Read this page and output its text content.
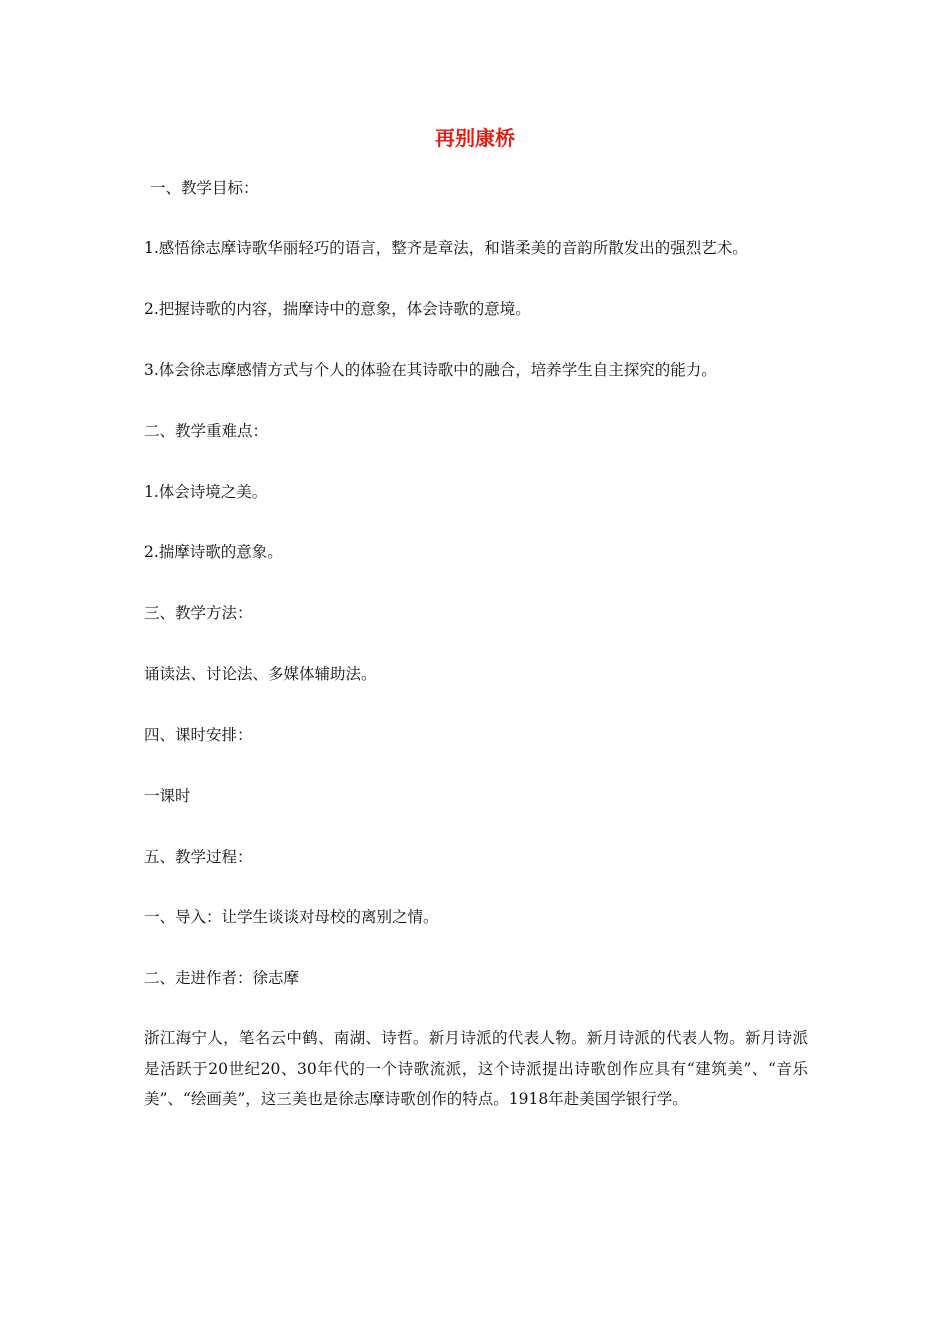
再别康桥
一、教学目标：
1.感悟徐志摩诗歌华丽轻巧的语言，整齐是章法，和谐柔美的音韵所散发出的强烈艺术。
2.把握诗歌的内容，揣摩诗中的意象，体会诗歌的意境。
3.体会徐志摩感情方式与个人的体验在其诗歌中的融合，培养学生自主探究的能力。
二、教学重难点：
1.体会诗境之美。
2.揣摩诗歌的意象。
三、教学方法：
诵读法、讨论法、多媒体辅助法。
四、课时安排：
一课时
五、教学过程：
一、导入：让学生谈谈对母校的离别之情。
二、走进作者：徐志摩
浙江海宁人，笔名云中鹤、南湖、诗哲。新月诗派的代表人物。新月诗派的代表人物。新月诗派是活跃于20世纪20、30年代的一个诗歌流派，这个诗派提出诗歌创作应具有“建筑美”、“音乐美”、“绘画美”，这三美也是徐志摩诗歌创作的特点。1918年赴美国学银行学。
